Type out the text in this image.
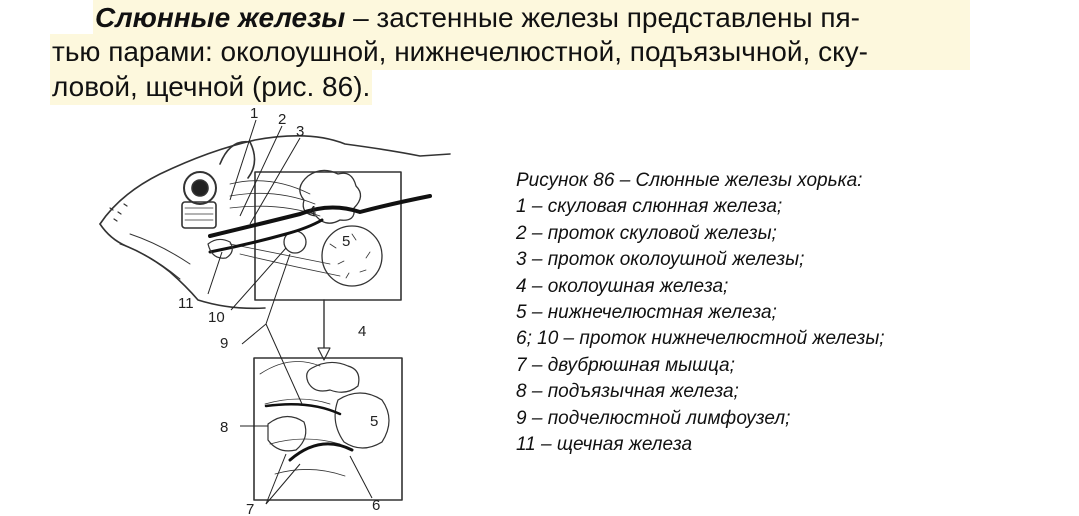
Слюнные железы – застенные железы представлены пя-
тью парами: околоушной, нижнечелюстной, подъязычной, ску-
ловой, щечной (рис. 86).
1 2
3
4
5
11
10
9
4
8	5
7	6
Рисунок 86 – Слюнные железы хорька:
1 – скуловая слюнная железа;
2 – проток скуловой железы;
3 – проток околоушной железы;
4 – околоушная железа;
5 – нижнечелюстная железа;
6; 10 – проток нижнечелюстной железы;
7 – двубрюшная мышца;
8 – подъязычная железа;
9 – подчелюстной лимфоузел;
11 – щечная железа
